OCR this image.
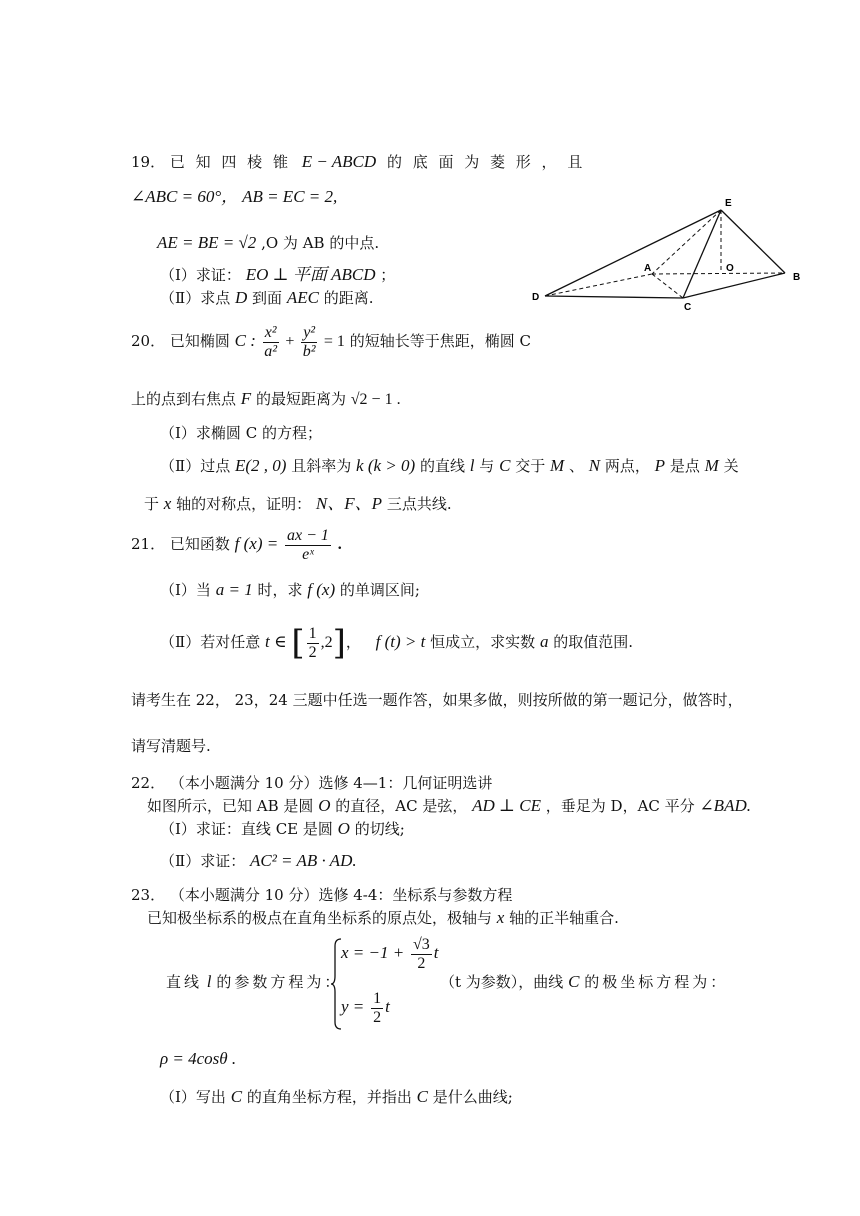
19． 已 知 四 棱 锥 E − ABCD 的 底 面 为 菱 形 ， 且
∠ABC = 60°， AB = EC = 2,
AE = BE = √2 ,O 为 AB 的中点.
（Ⅰ）求证： EO ⊥ 平面 ABCD ；
（Ⅱ）求点 D 到面 AEC 的距离.
E
A	O
B
D
C
20． 已知椭圆 C : $\frac{\text{x²}}{\text{a²}} + \frac{\text{y²}}{\text{b²}} = 1$ 的短轴长等于焦距，椭圆 C
上的点到右焦点 F 的最短距离为 √2 − 1 .
（Ⅰ）求椭圆 C 的方程；
（Ⅱ）过点 E(2 , 0) 且斜率为 k (k > 0) 的直线 l 与 C 交于 M 、 N 两点， P 是点 M 关
于 x 轴的对称点，证明： N、F、P 三点共线.
21． 已知函数 f $(x) = \frac{ax - 1}{\text{eˣ}}$ .
（Ⅰ）当 a = 1 时，求 f (x) 的单调区间;
（Ⅱ）若对任意 t ∈ [ $\frac{1}{2} ,2$]， f (t) > t 恒成立，求实数 a 的取值范围.
请考生在 22， 23，24 三题中任选一题作答，如果多做，则按所做的第一题记分，做答时，
请写清题号.
22． （本小题满分 10 分）选修 4—1：几何证明选讲
如图所示，已知 AB 是圆 O 的直径，AC 是弦， AD ⊥ CE ，垂足为 D，AC 平分 ∠BAD.
（Ⅰ）求证：直线 CE 是圆 O 的切线;
（Ⅱ）求证： AC² = AB · AD.
23． （本小题满分 10 分）选修 4-4：坐标系与参数方程
已知极坐标系的极点在直角坐标系的原点处，极轴与 x 轴的正半轴重合.
直线 l 的参数方程为：
$x = -1 + \frac{√3}{2}$ t
$y = \frac{1}{2}$ t
（t 为参数），曲线 C 的极坐标方程为：
ρ = 4cosθ .
（Ⅰ）写出 C 的直角坐标方程，并指出 C 是什么曲线;
